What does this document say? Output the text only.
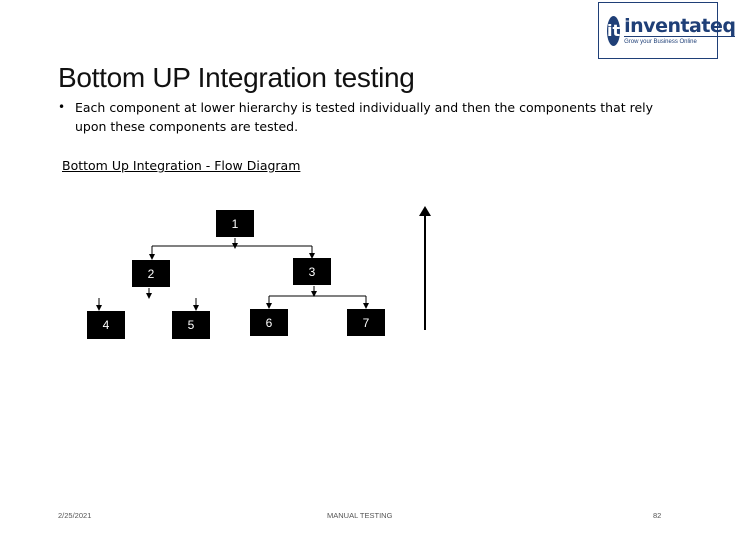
it inventateq
Grow your Business Online
Bottom UP Integration testing
• Each component at lower hierarchy is tested individually and then the components that rely upon these components are tested.
Bottom Up Integration - Flow Diagram
1
2	3
4	5	6	7
2/25/2021	MANUAL TESTING	82
